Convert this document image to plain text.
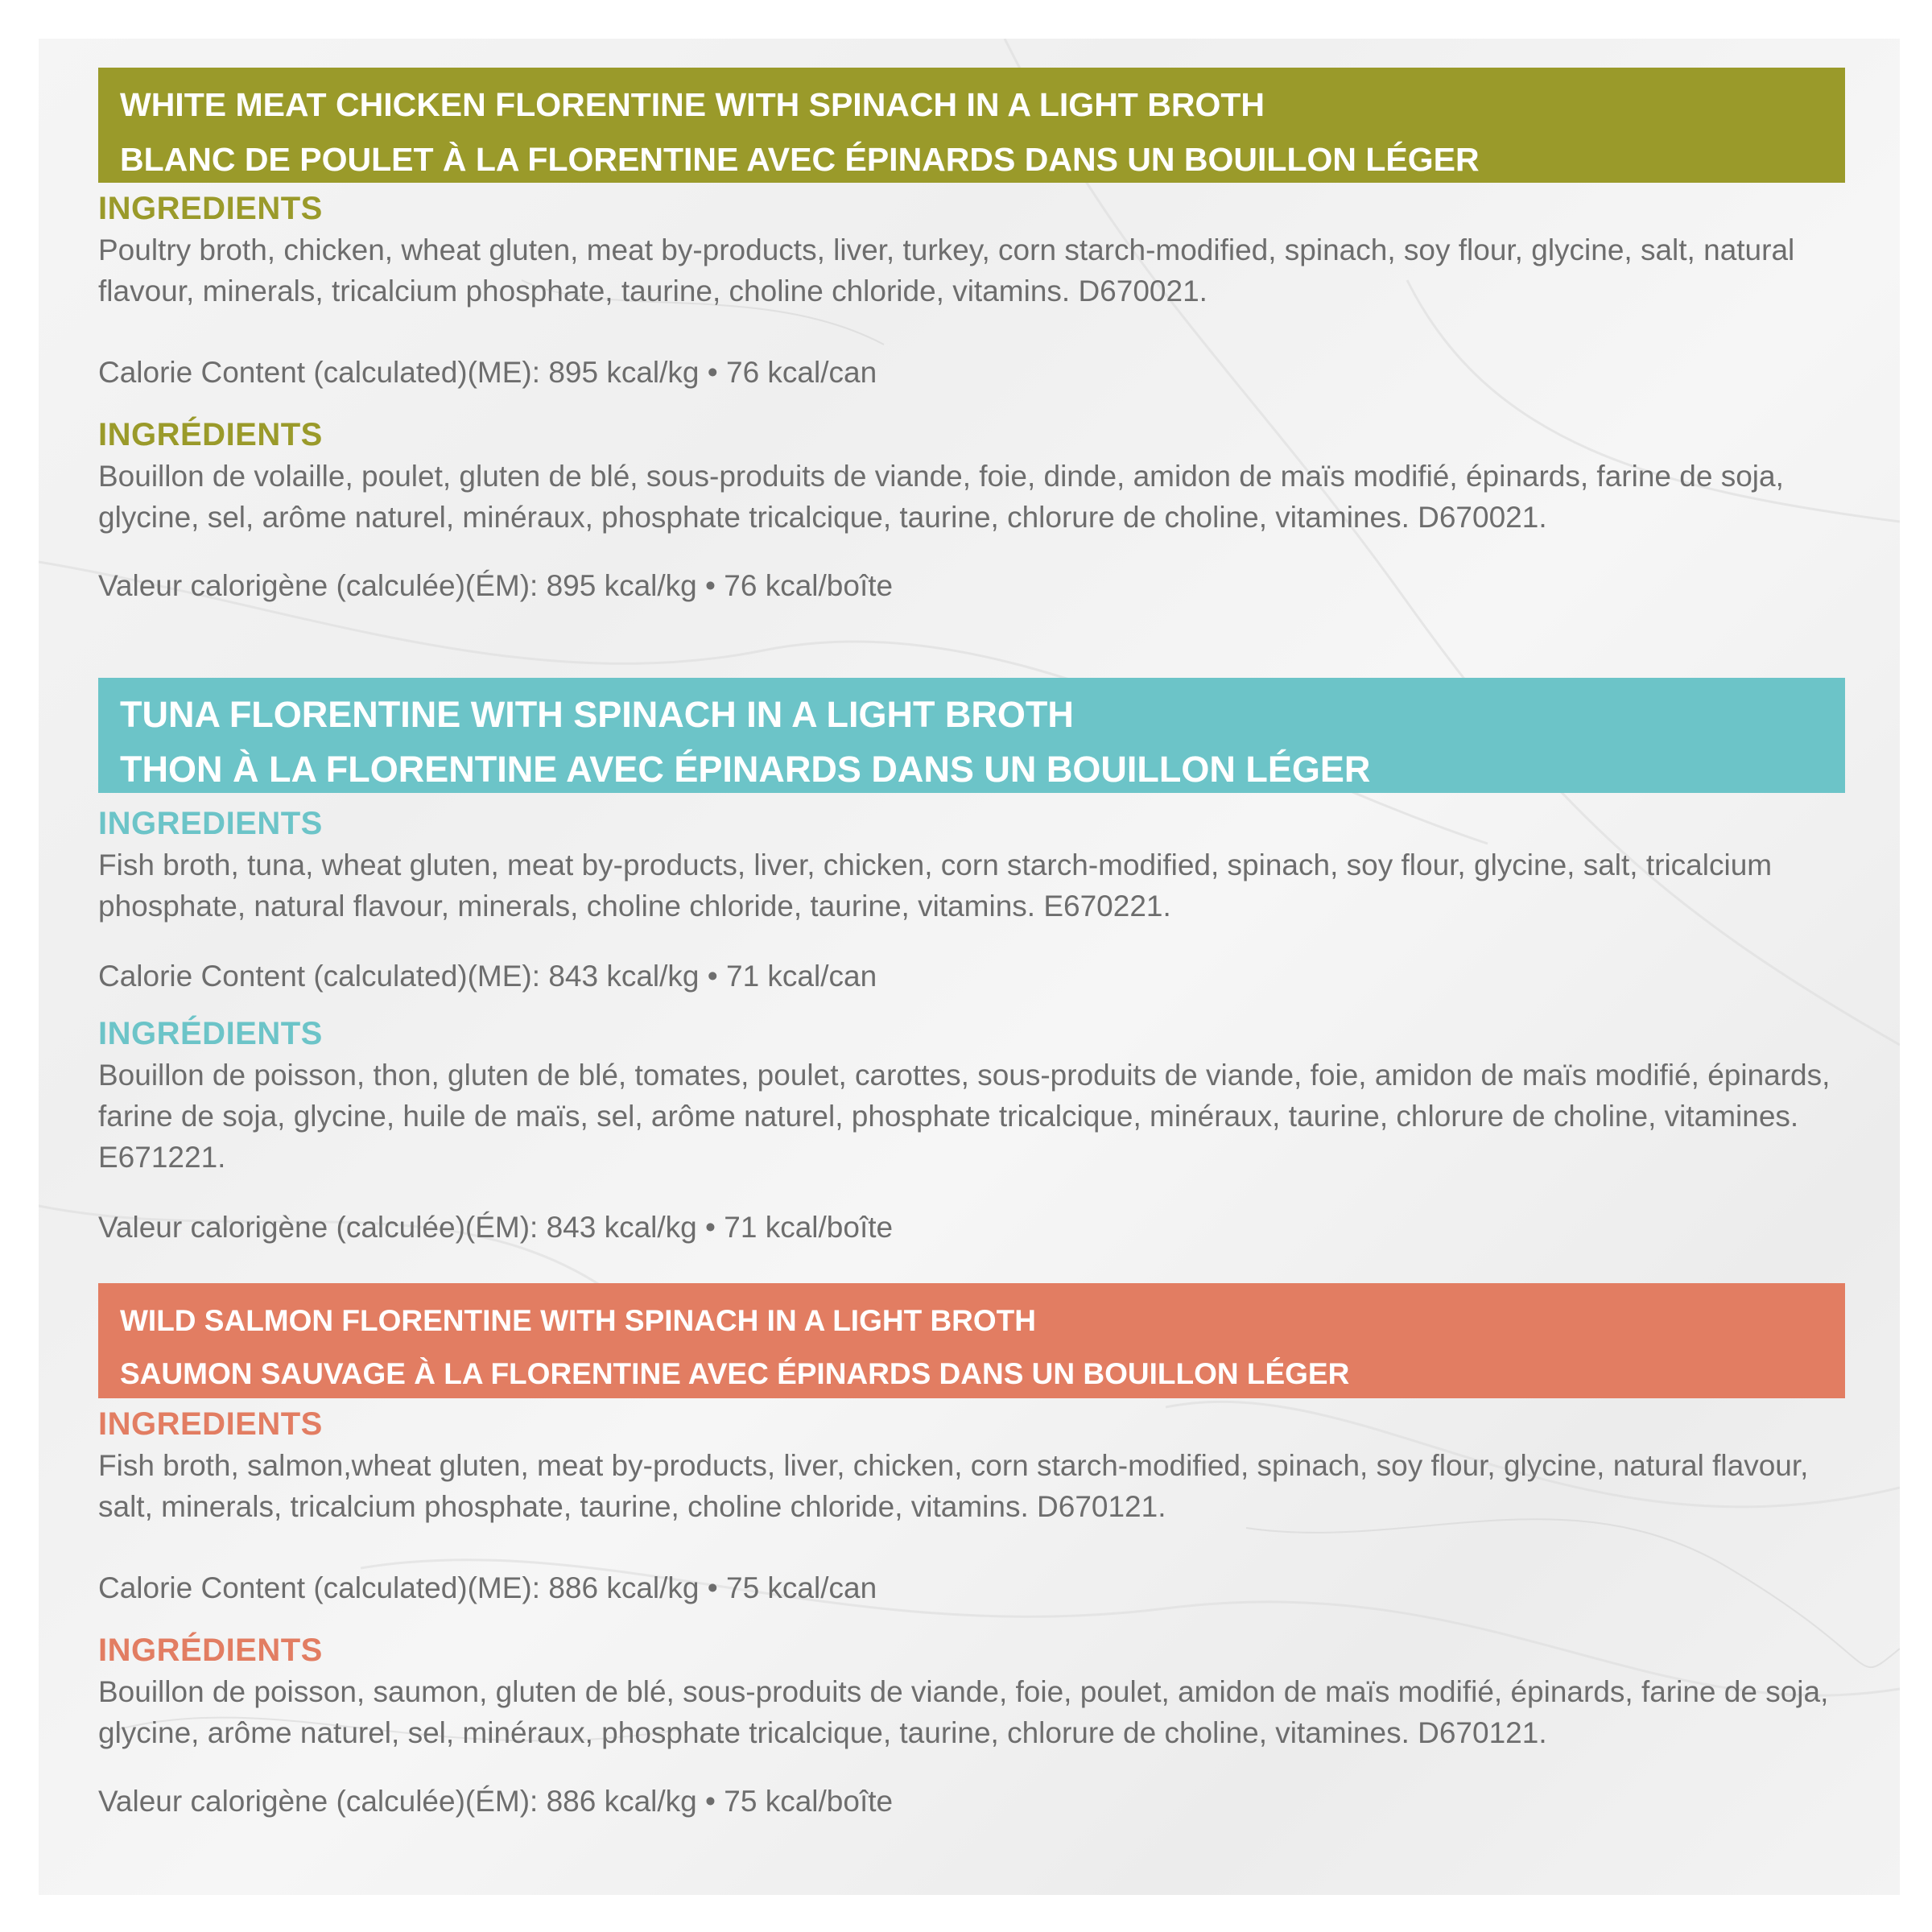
WHITE MEAT CHICKEN FLORENTINE WITH SPINACH IN A LIGHT BROTH
BLANC DE POULET À LA FLORENTINE AVEC ÉPINARDS DANS UN BOUILLON LÉGER

INGREDIENTS

Poultry broth, chicken, wheat gluten, meat by-products, liver, turkey, corn starch-modified, spinach, soy flour, glycine, salt, natural flavour, minerals, tricalcium phosphate, taurine, choline chloride, vitamins. D670021.

Calorie Content (calculated)(ME): 895 kcal/kg • 76 kcal/can

INGRÉDIENTS

Bouillon de volaille, poulet, gluten de blé, sous-produits de viande, foie, dinde, amidon de maïs modifié, épinards, farine de soja, glycine, sel, arôme naturel, minéraux, phosphate tricalcique, taurine, chlorure de choline, vitamines. D670021.

Valeur calorigène (calculée)(ÉM): 895 kcal/kg • 76 kcal/boîte

TUNA FLORENTINE WITH SPINACH IN A LIGHT BROTH
THON À LA FLORENTINE AVEC ÉPINARDS DANS UN BOUILLON LÉGER

INGREDIENTS

Fish broth, tuna, wheat gluten, meat by-products, liver, chicken, corn starch-modified, spinach, soy flour, glycine, salt, tricalcium phosphate, natural flavour, minerals, choline chloride, taurine, vitamins. E670221.

Calorie Content (calculated)(ME): 843 kcal/kg • 71 kcal/can

INGRÉDIENTS

Bouillon de poisson, thon, gluten de blé, tomates, poulet, carottes, sous-produits de viande, foie, amidon de maïs modifié, épinards, farine de soja, glycine, huile de maïs, sel, arôme naturel, phosphate tricalcique, minéraux, taurine, chlorure de choline, vitamines. E671221.

Valeur calorigène (calculée)(ÉM): 843 kcal/kg • 71 kcal/boîte

WILD SALMON FLORENTINE WITH SPINACH IN A LIGHT BROTH
SAUMON SAUVAGE À LA FLORENTINE AVEC ÉPINARDS DANS UN BOUILLON LÉGER

INGREDIENTS

Fish broth, salmon,wheat gluten, meat by-products, liver, chicken, corn starch-modified, spinach, soy flour, glycine, natural flavour, salt, minerals, tricalcium phosphate, taurine, choline chloride, vitamins. D670121.

Calorie Content (calculated)(ME): 886 kcal/kg • 75 kcal/can

INGRÉDIENTS

Bouillon de poisson, saumon, gluten de blé, sous-produits de viande, foie, poulet, amidon de maïs modifié, épinards, farine de soja, glycine, arôme naturel, sel, minéraux, phosphate tricalcique, taurine, chlorure de choline, vitamines. D670121.

Valeur calorigène (calculée)(ÉM): 886 kcal/kg • 75 kcal/boîte
